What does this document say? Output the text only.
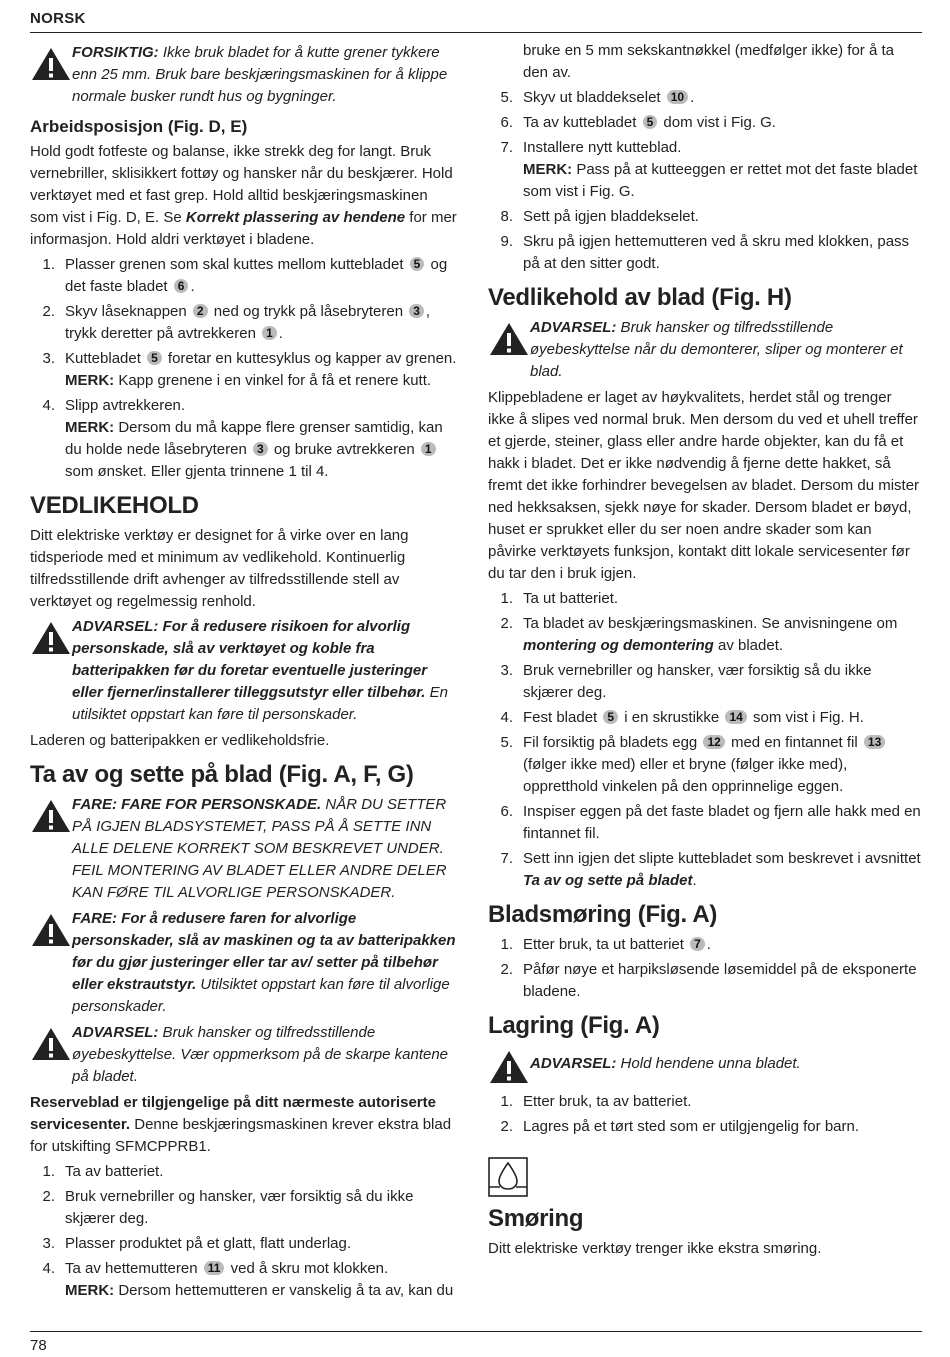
NORSK
FORSIKTIG: Ikke bruk bladet for å kutte grener tykkere enn 25 mm. Bruk bare beskjæringsmaskinen for å klippe normale busker rundt hus og bygninger.
Arbeidsposisjon (Fig. D, E)

Hold godt fotfeste og balanse, ikke strekk deg for langt. Bruk vernebriller, sklisikkert fottøy og hansker når du beskjærer. Hold verktøyet med et fast grep. Hold alltid beskjæringsmaskinen som vist i Fig. D, E. Se Korrekt plassering av hendene for mer informasjon. Hold aldri verktøyet i bladene.

1. Plasser grenen som skal kuttes mellom kuttebladet 5 og det faste bladet 6 .
2. Skyv låseknappen 2 ned og trykk på låsebryteren 3 , trykk deretter på avtrekkeren 1 .
3. Kuttebladet 5 foretar en kuttesyklus og kapper av grenen.
MERK: Kapp grenene i en vinkel for å få et renere kutt.
4. Slipp avtrekkeren.
MERK: Dersom du må kappe flere grenser samtidig, kan du holde nede låsebryteren 3 og bruke avtrekkeren 1 som ønsket. Eller gjenta trinnene 1 til 4.
VEDLIKEHOLD

Ditt elektriske verktøy er designet for å virke over en lang tidsperiode med et minimum av vedlikehold. Kontinuerlig tilfredsstillende drift avhenger av tilfredsstillende stell av verktøyet og regelmessig renhold.

ADVARSEL: For å redusere risikoen for alvorlig personskade, slå av verktøyet og koble fra batteripakken før du foretar eventuelle justeringer eller fjerner/installerer tilleggsutstyr eller tilbehør. En utilsiktet oppstart kan føre til personskader.

Laderen og batteripakken er vedlikeholdsfrie.

Ta av og sette på blad (Fig. A, F, G)
FARE: FARE FOR PERSONSKADE. NÅR DU SETTER PÅ IGJEN BLADSYSTEMET, PASS PÅ Å SETTE INN ALLE DELENE KORREKT SOM BESKREVET UNDER. FEIL MONTERING AV BLADET ELLER ANDRE DELER KAN FØRE TIL ALVORLIGE PERSONSKADER.
FARE: For å redusere faren for alvorlige personskader, slå av maskinen og ta av batteripakken før du gjør justeringer eller tar av/ setter på tilbehør eller ekstrautstyr. Utilsiktet oppstart kan føre til alvorlige personskader.
ADVARSEL: Bruk hansker og tilfredsstillende øyebeskyttelse. Vær oppmerksom på de skarpe kantene på bladet.

Reserveblad er tilgjengelige på ditt nærmeste autoriserte servicesenter. Denne beskjæringsmaskinen krever ekstra blad for utskifting SFMCPPRB1.

1. Ta av batteriet.
2. Bruk vernebriller og hansker, vær forsiktig så du ikke skjærer deg.
3. Plasser produktet på et glatt, flatt underlag.
4. Ta av hettemutteren 11 ved å skru mot klokken.
MERK: Dersom hettemutteren er vanskelig å ta av, kan du
bruke en 5 mm sekskantnøkkel (medfølger ikke) for å ta den av.
5. Skyv ut bladdekselet 10 .
6. Ta av kuttebladet 5 dom vist i Fig. G.
7. Installere nytt kutteblad.
MERK: Pass på at kutteeggen er rettet mot det faste bladet som vist i Fig. G.
8. Sett på igjen bladdekselet.
9. Skru på igjen hettemutteren ved å skru med klokken, pass på at den sitter godt.
Vedlikehold av blad (Fig. H)
ADVARSEL: Bruk hansker og tilfredsstillende øyebeskyttelse når du demonterer, sliper og monterer et blad.

Klippebladene er laget av høykvalitets, herdet stål og trenger ikke å slipes ved normal bruk. Men dersom du ved et uhell treffer et gjerde, steiner, glass eller andre harde objekter, kan du få et hakk i bladet. Det er ikke nødvendig å fjerne dette hakket, så fremt det ikke forhindrer bevegelsen av bladet. Dersom du mister ned hekksaksen, sjekk nøye for skader. Dersom bladet er bøyd, huset er sprukket eller du ser noen andre skader som kan påvirke verktøyets funksjon, kontakt ditt lokale servicesenter før du tar den i bruk igjen.

1. Ta ut batteriet.
2. Ta bladet av beskjæringsmaskinen. Se anvisningene om montering og demontering av bladet.
3. Bruk vernebriller og hansker, vær forsiktig så du ikke skjærer deg.
4. Fest bladet 5 i en skrustikke 14 som vist i Fig. H.
5. Fil forsiktig på bladets egg 12 med en fintannet fil 13 (følger ikke med) eller et bryne (følger ikke med), oppretthold vinkelen på den opprinnelige eggen.
6. Inspiser eggen på det faste bladet og fjern alle hakk med en fintannet fil.
7. Sett inn igjen det slipte kuttebladet som beskrevet i avsnittet Ta av og sette på bladet.
Bladsmøring (Fig. A)
1. Etter bruk, ta ut batteriet 7 .
2. Påfør nøye et harpiksløsende løsemiddel på de eksponerte bladene.
Lagring (Fig. A)
ADVARSEL: Hold hendene unna bladet.
1. Etter bruk, ta av batteriet.
2. Lagres på et tørt sted som er utilgjengelig for barn.
Smøring

Ditt elektriske verktøy trenger ikke ekstra smøring.

78
